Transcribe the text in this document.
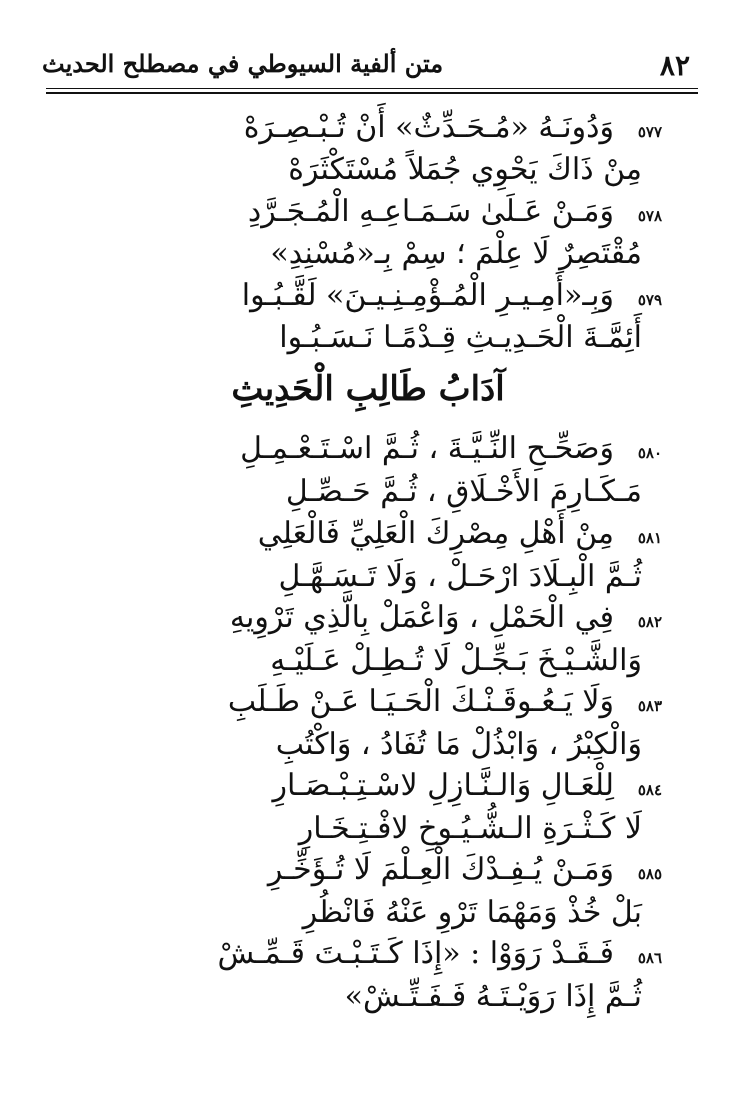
متن ألفية السيوطي في مصطلح الحديث	٨٢
٥٧٧
وَدُونَـهُ «مُـحَـدِّثٌ» أَنْ تُـبْـصِـرَهْ
مِنْ ذَاكَ يَحْوِي جُمَلاً مُسْتَكْثَرَهْ
٥٧٨
وَمَـنْ عَـلَىٰ سَـمَـاعِـهِ الْمُـجَـرَّدِ
مُقْتَصِرٌ لَا عِلْمَ ؛ سِمْ بِـ«مُسْنِدِ»
٥٧٩
وَبِـ«أَمِـيـرِ الْمُـؤْمِـنِـيـنَ» لَقَّـبُـوا
أَئِمَّـةَ الْحَـدِيـثِ قِـدْمًـا نَـسَـبُـوا
آدَابُ طَالِبِ الْحَدِيثِ
٥٨٠
وَصَحِّـحِ النِّـيَّـةَ ، ثُـمَّ اسْـتَـعْـمِـلِ
مَـكَـارِمَ الأَخْـلَاقِ ، ثُـمَّ حَـصِّـلِ
٥٨١
مِنْ أَهْلِ مِصْرِكَ الْعَلِيِّ فَالْعَلِي
ثُـمَّ الْبِـلَادَ ارْحَـلْ ، وَلَا تَـسَـهَّـلِ
٥٨٢
فِي الْحَمْلِ ، وَاعْمَلْ بِالَّذِي تَرْوِيهِ
وَالشَّـيْـخَ بَـجِّـلْ لَا تُـطِـلْ عَـلَيْـهِ
٥٨٣
وَلَا يَـعُـوقَـنْـكَ الْحَـيَـا عَـنْ طَـلَبِ
وَالْكِبْرُ ، وَابْذُلْ مَا تُفَادُ ، وَاكْتُبِ
٥٨٤
لِلْعَـالِ وَالـنَّـازِلِ لاسْـتِـبْـصَـارِ
لَا كَـثْـرَةِ الـشُّـيُـوخِ لافْـتِـخَـارِ
٥٨٥
وَمَـنْ يُـفِـدْكَ الْعِـلْمَ لَا تُـؤَخِّـرِ
بَلْ خُذْ وَمَهْمَا تَرْوِ عَنْهُ فَانْظُرِ
٥٨٦
فَـقَـدْ رَوَوْا : «إِذَا كَـتَـبْـتَ قَـمِّـشْ
ثُـمَّ إِذَا رَوَيْـتَـهُ فَـفَـتِّـشْ»
